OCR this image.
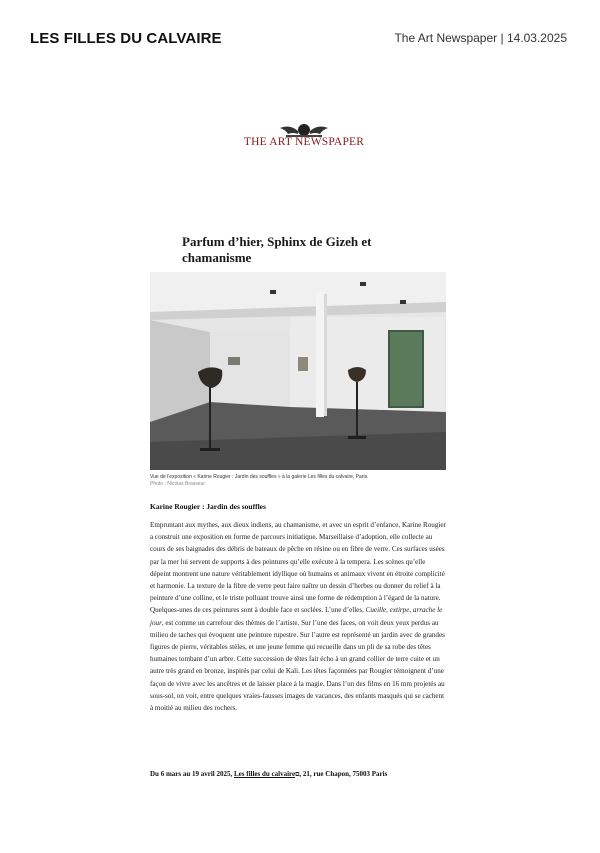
LES FILLES DU CALVAIRE	The Art Newspaper | 14.03.2025
THE ART NEWSPAPER
Parfum d’hier, Sphinx de Gizeh et chamanisme
Vue de l’exposition « Karine Rougier : Jardin des souffles » à la galerie Les filles du calvaire, Paris.
Photo : Nicolas Brasseur
Karine Rougier : Jardin des souffles

Empruntant aux mythes, aux dieux indiens, au chamanisme, et avec un esprit d’enfance, Karine Rougier a construit une exposition en forme de parcours initiatique. Marseillaise d’adoption, elle collecte au cours de ses baignades des débris de bateaux de pêche en résine ou en fibre de verre. Ces surfaces usées par la mer lui servent de supports à des peintures qu’elle exécute à la tempera. Les scènes qu’elle dépeint montrent une nature véritablement idyllique où humains et animaux vivent en étroite complicité et harmonie. La texture de la fibre de verre peut faire naître un dessin d’herbes ou donner du relief à la peinture d’une colline, et le triste polluant trouve ainsi une forme de rédemption à l’égard de la nature. Quelques-unes de ces peintures sont à double face et soclées. L’une d’elles, Cueille, extirpe, arrache le jour, est comme un carrefour des thèmes de l’artiste. Sur l’une des faces, on voit deux yeux perdus au milieu de taches qui évoquent une peinture rupestre. Sur l’autre est représenté un jardin avec de grandes figures de pierre, véritables stèles, et une jeune femme qui recueille dans un pli de sa robe des têtes humaines tombant d’un arbre. Cette succession de têtes fait écho à un grand collier de terre cuite et un autre très grand en bronze, inspirés par celui de Kali. Les têtes façonnées par Rougier témoignent d’une façon de vivre avec les ancêtres et de laisser place à la magie. Dans l’un des films en 16 mm projetés au sous-sol, on voit, entre quelques vraies-fausses images de vacances, des enfants masqués qui se cachent à moitié au milieu des rochers.

Du 6 mars au 19 avril 2025, Les filles du calvaire⧉, 21, rue Chapon, 75003 Paris
